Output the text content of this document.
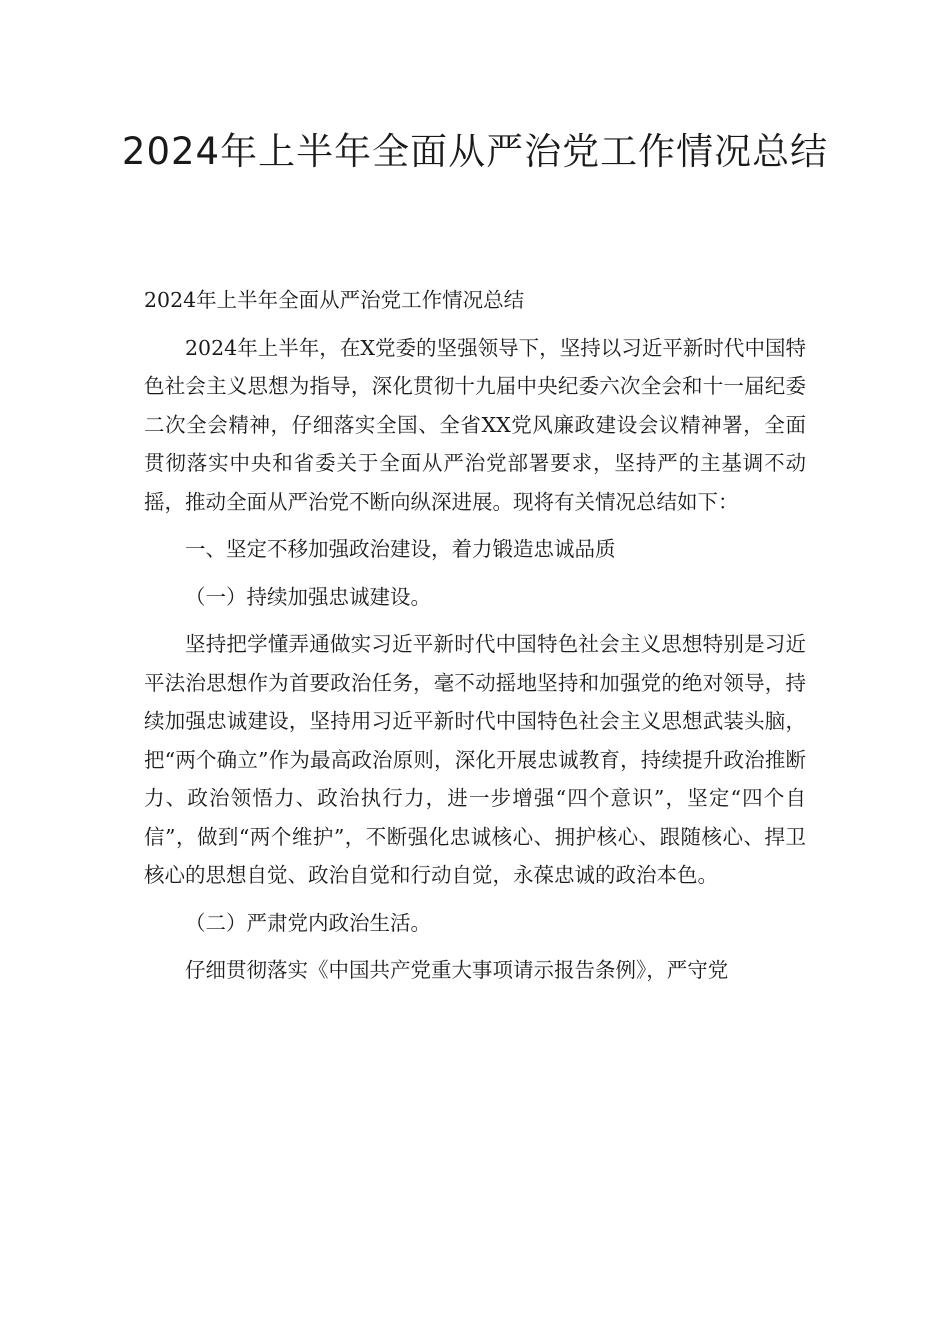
2024年上半年全面从严治党工作情况总结

2024年上半年全面从严治党工作情况总结

2024年上半年，在X党委的坚强领导下，坚持以习近平新时代中国特色社会主义思想为指导，深化贯彻十九届中央纪委六次全会和十一届纪委二次全会精神，仔细落实全国、全省XX党风廉政建设会议精神署，全面贯彻落实中央和省委关于全面从严治党部署要求，坚持严的主基调不动摇，推动全面从严治党不断向纵深进展。现将有关情况总结如下：

一、坚定不移加强政治建设，着力锻造忠诚品质

（一）持续加强忠诚建设。

坚持把学懂弄通做实习近平新时代中国特色社会主义思想特别是习近平法治思想作为首要政治任务，毫不动摇地坚持和加强党的绝对领导，持续加强忠诚建设，坚持用习近平新时代中国特色社会主义思想武装头脑，把“两个确立”作为最高政治原则，深化开展忠诚教育，持续提升政治推断力、政治领悟力、政治执行力，进一步增强“四个意识”，坚定“四个自信”，做到“两个维护”，不断强化忠诚核心、拥护核心、跟随核心、捍卫核心的思想自觉、政治自觉和行动自觉，永葆忠诚的政治本色。

（二）严肃党内政治生活。

仔细贯彻落实《中国共产党重大事项请示报告条例》，严守党
